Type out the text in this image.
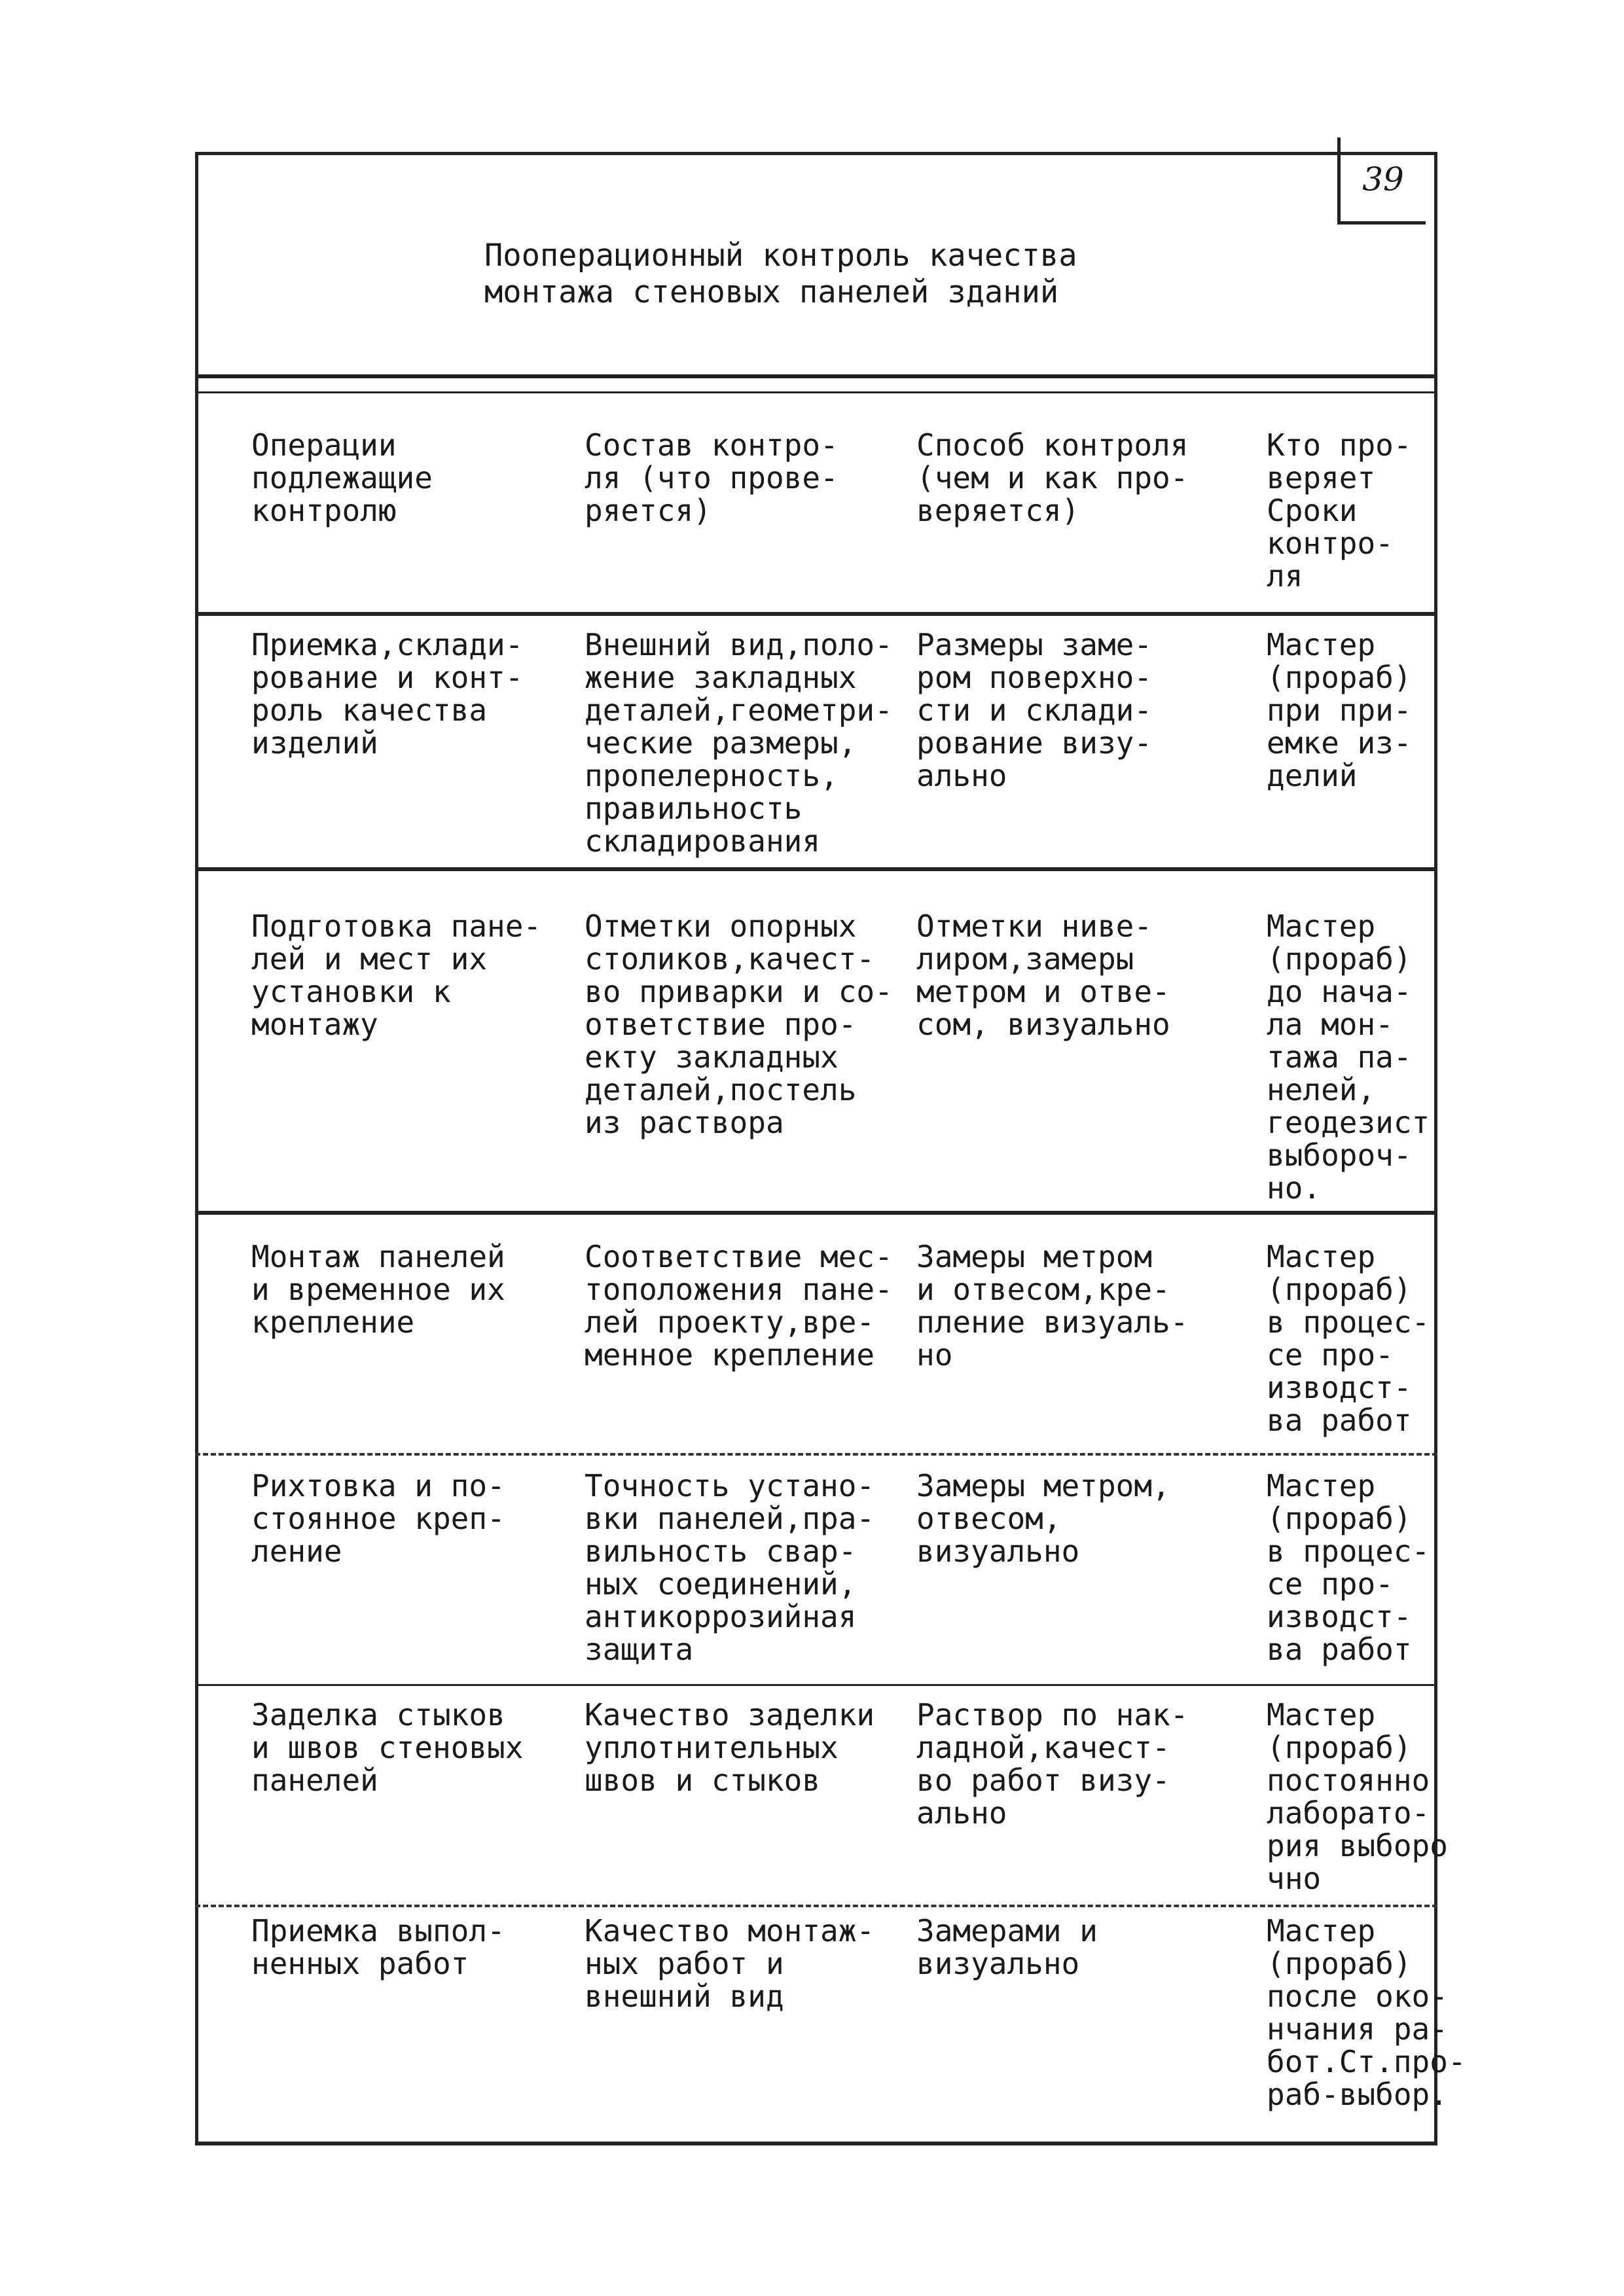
39
Пооперационный контроль качества
монтажа стеновых панелей зданий
Операции
подлежащие
контролю
Состав контро-
ля (что прове-
ряется)
Способ контроля
(чем и как про-
веряется)
Кто про-
веряет
Сроки
контро-
ля
Приемка,склади-
рование и конт-
роль качества
изделий
Внешний вид,поло-
жение закладных
деталей,геометри-
ческие размеры,
пропелерность,
правильность
складирования
Размеры заме-
ром поверхно-
сти и склади-
рование визу-
ально
Мастер
(прораб)
при при-
емке из-
делий
Подготовка пане-
лей и мест их
установки к
монтажу
Отметки опорных
столиков,качест-
во приварки и со-
ответствие про-
екту закладных
деталей,постель
из раствора
Отметки ниве-
лиром,замеры
метром и отве-
сом, визуально
Мастер
(прораб)
до нача-
ла мон-
тажа па-
нелей,
геодезист
выбороч-
но.
Монтаж панелей
и временное их
крепление
Соответствие мес-
тоположения пане-
лей проекту,вре-
менное крепление
Замеры метром
и отвесом,кре-
пление визуаль-
но
Мастер
(прораб)
в процес-
се про-
изводст-
ва работ
Рихтовка и по-
стоянное креп-
ление
Точность устано-
вки панелей,пра-
вильность свар-
ных соединений,
антикоррозийная
защита
Замеры метром,
отвесом,
визуально
Мастер
(прораб)
в процес-
се про-
изводст-
ва работ
Заделка стыков
и швов стеновых
панелей
Качество заделки
уплотнительных
швов и стыков
Раствор по нак-
ладной,качест-
во работ визу-
ально
Мастер
(прораб)
постоянно
лаборато-
рия выборо
чно
Приемка выпол-
ненных работ
Качество монтаж-
ных работ и
внешний вид
Замерами и
визуально
Мастер
(прораб)
после око-
нчания ра-
бот.Ст.про-
раб-выбор.
